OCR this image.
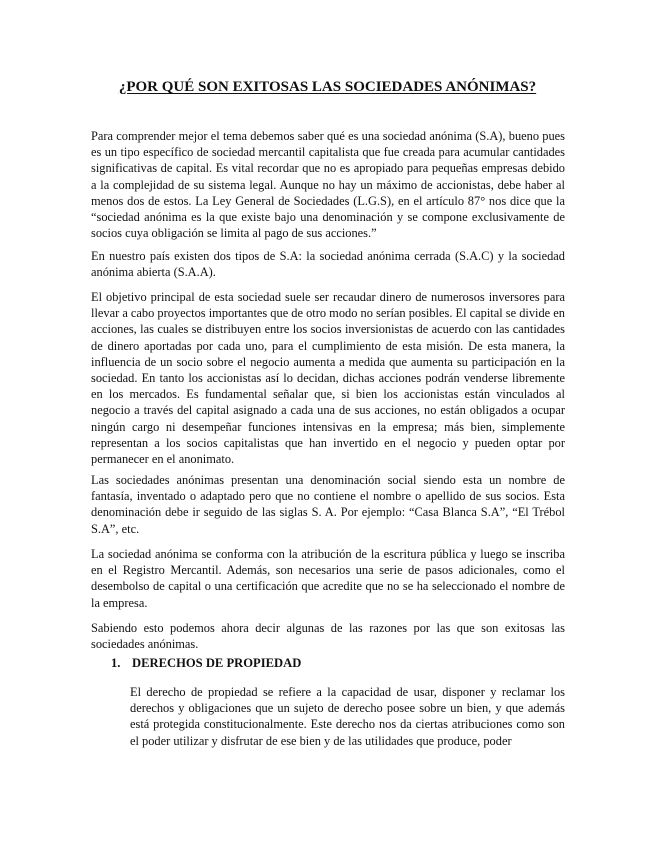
¿POR QUÉ SON EXITOSAS LAS SOCIEDADES ANÓNIMAS?

Para comprender mejor el tema debemos saber qué es una sociedad anónima (S.A), bueno pues es un tipo específico de sociedad mercantil capitalista que fue creada para acumular cantidades significativas de capital. Es vital recordar que no es apropiado para pequeñas empresas debido a la complejidad de su sistema legal. Aunque no hay un máximo de accionistas, debe haber al menos dos de estos. La Ley General de Sociedades (L.G.S), en el artículo 87° nos dice que la “sociedad anónima es la que existe bajo una denominación y se compone exclusivamente de socios cuya obligación se limita al pago de sus acciones.”

En nuestro país existen dos tipos de S.A: la sociedad anónima cerrada (S.A.C) y la sociedad anónima abierta (S.A.A).

El objetivo principal de esta sociedad suele ser recaudar dinero de numerosos inversores para llevar a cabo proyectos importantes que de otro modo no serían posibles. El capital se divide en acciones, las cuales se distribuyen entre los socios inversionistas de acuerdo con las cantidades de dinero aportadas por cada uno, para el cumplimiento de esta misión. De esta manera, la influencia de un socio sobre el negocio aumenta a medida que aumenta su participación en la sociedad. En tanto los accionistas así lo decidan, dichas acciones podrán venderse libremente en los mercados. Es fundamental señalar que, si bien los accionistas están vinculados al negocio a través del capital asignado a cada una de sus acciones, no están obligados a ocupar ningún cargo ni desempeñar funciones intensivas en la empresa; más bien, simplemente representan a los socios capitalistas que han invertido en el negocio y pueden optar por permanecer en el anonimato.

Las sociedades anónimas presentan una denominación social siendo esta un nombre de fantasía, inventado o adaptado pero que no contiene el nombre o apellido de sus socios. Esta denominación debe ir seguido de las siglas S. A. Por ejemplo: “Casa Blanca S.A”, “El Trébol S.A”, etc.

La sociedad anónima se conforma con la atribución de la escritura pública y luego se inscriba en el Registro Mercantil. Además, son necesarios una serie de pasos adicionales, como el desembolso de capital o una certificación que acredite que no se ha seleccionado el nombre de la empresa.

Sabiendo esto podemos ahora decir algunas de las razones por las que son exitosas las sociedades anónimas.

1. DERECHOS DE PROPIEDAD

El derecho de propiedad se refiere a la capacidad de usar, disponer y reclamar los derechos y obligaciones que un sujeto de derecho posee sobre un bien, y que además está protegida constitucionalmente. Este derecho nos da ciertas atribuciones como son el poder utilizar y disfrutar de ese bien y de las utilidades que produce, poder
